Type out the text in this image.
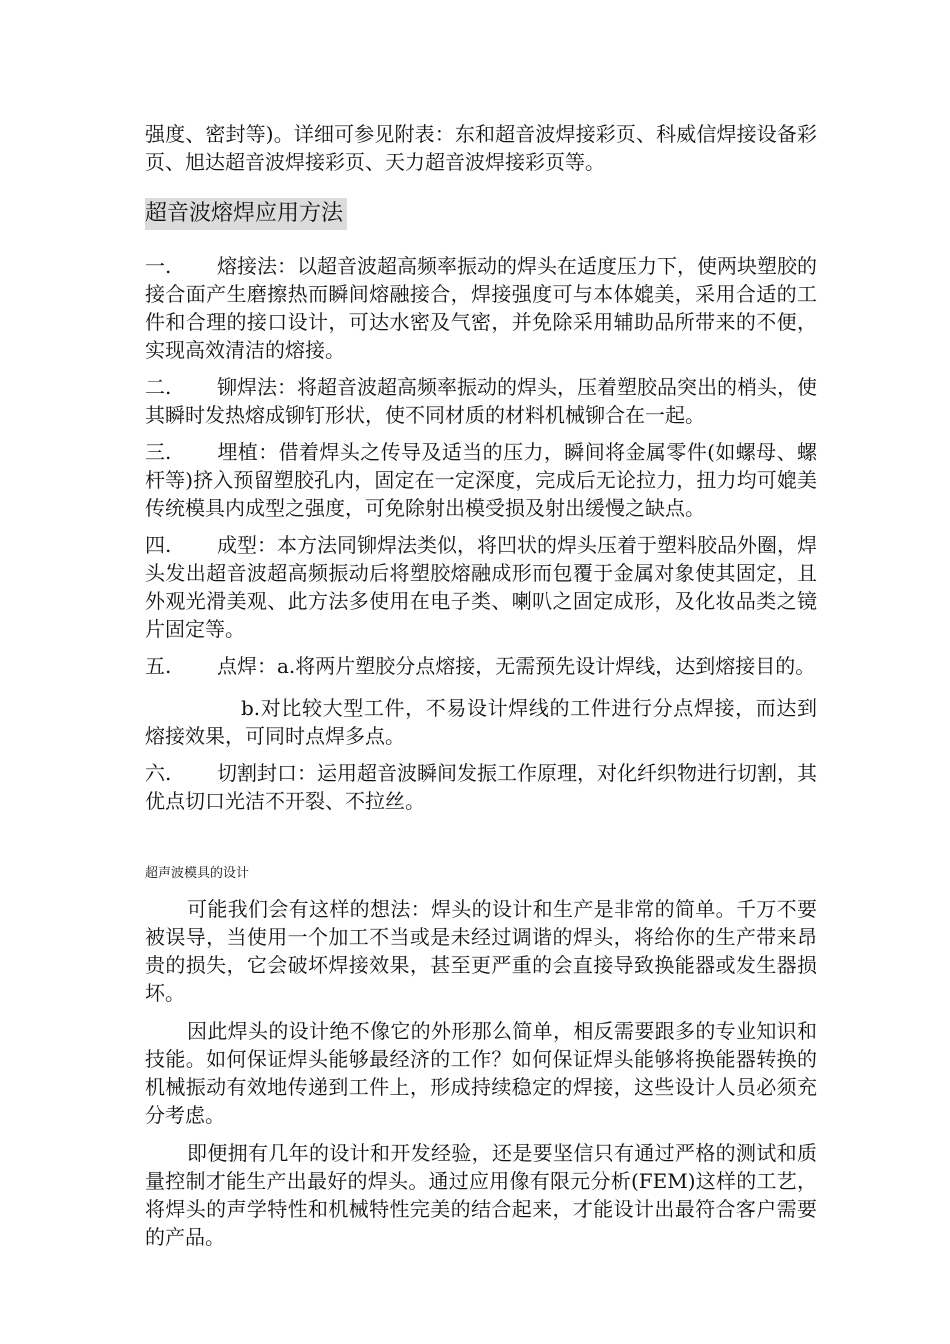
强度、密封等)。详细可参见附表：东和超音波焊接彩页、科威信焊接设备彩页、旭达超音波焊接彩页、天力超音波焊接彩页等。

超音波熔焊应用方法

一. 熔接法：以超音波超高频率振动的焊头在适度压力下，使两块塑胶的接合面产生磨擦热而瞬间熔融接合，焊接强度可与本体媲美，采用合适的工件和合理的接口设计，可达水密及气密，并免除采用辅助品所带来的不便，实现高效清洁的熔接。

二. 铆焊法：将超音波超高频率振动的焊头，压着塑胶品突出的梢头，使其瞬时发热熔成铆钉形状，使不同材质的材料机械铆合在一起。

三. 埋植：借着焊头之传导及适当的压力，瞬间将金属零件(如螺母、螺杆等)挤入预留塑胶孔内，固定在一定深度，完成后无论拉力，扭力均可媲美传统模具内成型之强度，可免除射出模受损及射出缓慢之缺点。

四. 成型：本方法同铆焊法类似，将凹状的焊头压着于塑料胶品外圈，焊头发出超音波超高频振动后将塑胶熔融成形而包覆于金属对象使其固定，且外观光滑美观、此方法多使用在电子类、喇叭之固定成形，及化妆品类之镜片固定等。

五. 点焊：a.将两片塑胶分点熔接，无需预先设计焊线，达到熔接目的。

b.对比较大型工件，不易设计焊线的工件进行分点焊接，而达到熔接效果，可同时点焊多点。

六. 切割封口：运用超音波瞬间发振工作原理，对化纤织物进行切割，其优点切口光洁不开裂、不拉丝。

超声波模具的设计

可能我们会有这样的想法：焊头的设计和生产是非常的简单。千万不要被误导，当使用一个加工不当或是未经过调谐的焊头，将给你的生产带来昂贵的损失，它会破坏焊接效果，甚至更严重的会直接导致换能器或发生器损坏。

因此焊头的设计绝不像它的外形那么简单，相反需要跟多的专业知识和技能。如何保证焊头能够最经济的工作？如何保证焊头能够将换能器转换的机械振动有效地传递到工件上，形成持续稳定的焊接，这些设计人员必须充分考虑。

即便拥有几年的设计和开发经验，还是要坚信只有通过严格的测试和质量控制才能生产出最好的焊头。通过应用像有限元分析(FEM)这样的工艺，将焊头的声学特性和机械特性完美的结合起来，才能设计出最符合客户需要的产品。
